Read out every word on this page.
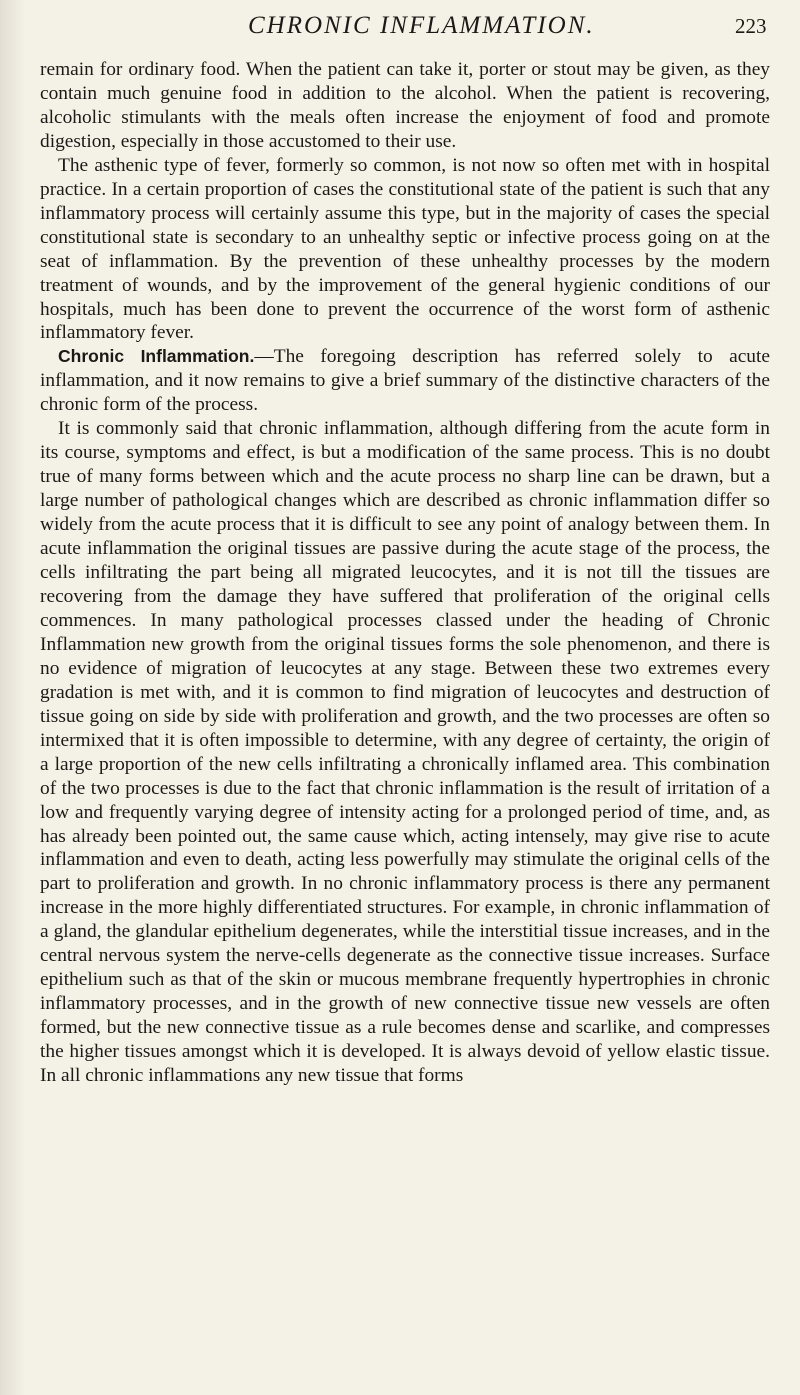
CHRONIC INFLAMMATION.	223

remain for ordinary food. When the patient can take it, porter or stout may be given, as they contain much genuine food in addition to the alcohol. When the patient is recovering, alcoholic stimulants with the meals often increase the enjoyment of food and promote digestion, especially in those accustomed to their use.

The asthenic type of fever, formerly so common, is not now so often met with in hospital practice. In a certain proportion of cases the constitutional state of the patient is such that any inflammatory process will certainly assume this type, but in the majority of cases the special constitutional state is secondary to an unhealthy septic or infective process going on at the seat of inflammation. By the prevention of these unhealthy processes by the modern treatment of wounds, and by the improvement of the general hygienic conditions of our hospitals, much has been done to prevent the occurrence of the worst form of asthenic inflammatory fever.

Chronic Inflammation.—The foregoing description has referred solely to acute inflammation, and it now remains to give a brief summary of the distinctive characters of the chronic form of the process.

It is commonly said that chronic inflammation, although differing from the acute form in its course, symptoms and effect, is but a modification of the same process. This is no doubt true of many forms between which and the acute process no sharp line can be drawn, but a large number of pathological changes which are described as chronic inflammation differ so widely from the acute process that it is difficult to see any point of analogy between them. In acute inflammation the original tissues are passive during the acute stage of the process, the cells infiltrating the part being all migrated leucocytes, and it is not till the tissues are recovering from the damage they have suffered that proliferation of the original cells commences. In many pathological processes classed under the heading of Chronic Inflammation new growth from the original tissues forms the sole phenomenon, and there is no evidence of migration of leucocytes at any stage. Between these two extremes every gradation is met with, and it is common to find migration of leucocytes and destruction of tissue going on side by side with proliferation and growth, and the two processes are often so intermixed that it is often impossible to determine, with any degree of certainty, the origin of a large proportion of the new cells infiltrating a chronically inflamed area. This combination of the two processes is due to the fact that chronic inflammation is the result of irritation of a low and frequently varying degree of intensity acting for a prolonged period of time, and, as has already been pointed out, the same cause which, acting intensely, may give rise to acute inflammation and even to death, acting less powerfully may stimulate the original cells of the part to proliferation and growth. In no chronic inflammatory process is there any permanent increase in the more highly differentiated structures. For example, in chronic inflammation of a gland, the glandular epithelium degenerates, while the interstitial tissue increases, and in the central nervous system the nerve-cells degenerate as the connective tissue increases. Surface epithelium such as that of the skin or mucous membrane frequently hypertrophies in chronic inflammatory processes, and in the growth of new connective tissue new vessels are often formed, but the new connective tissue as a rule becomes dense and scarlike, and compresses the higher tissues amongst which it is developed. It is always devoid of yellow elastic tissue. In all chronic inflammations any new tissue that forms
